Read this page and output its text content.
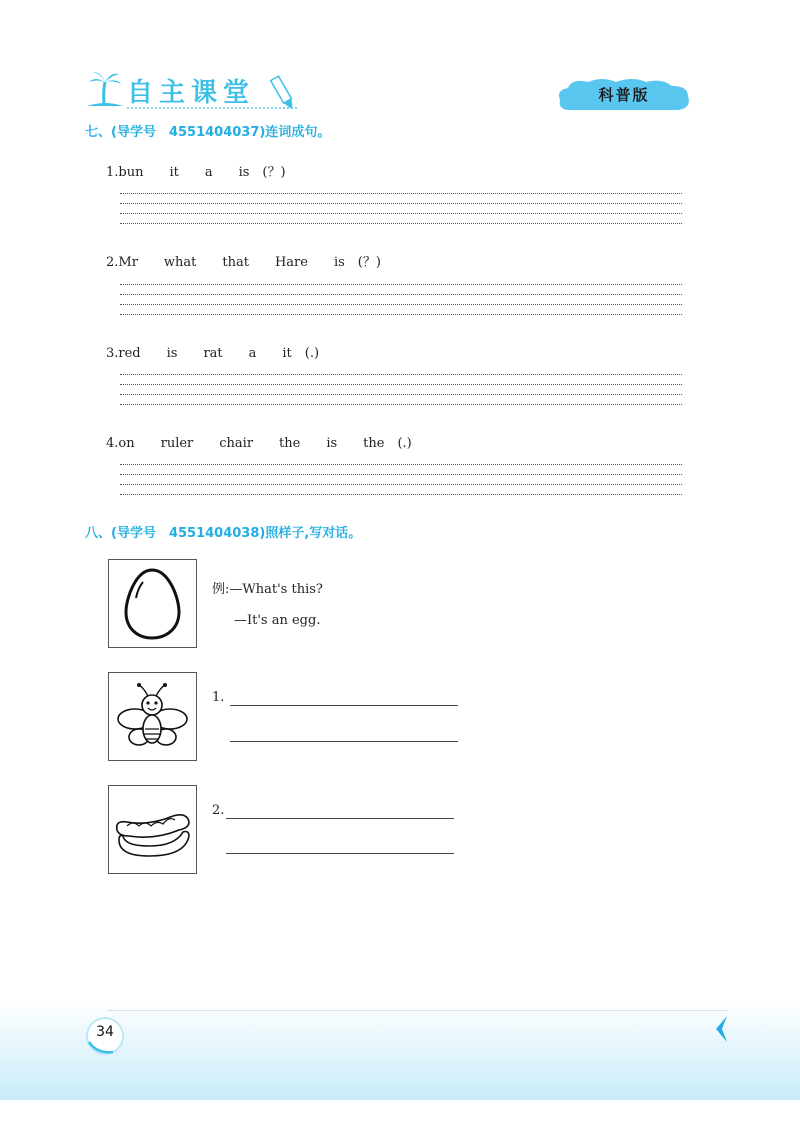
自主课堂	科普版
七、(导学号　4551404037)连词成句。
1.bun　　it　　a　　is　(？)
2.Mr　　what　　that　　Hare　　is　(？)
3.red　　is　　rat　　a　　it　(.)
4.on　　ruler　　chair　　the　　is　　the　(.)
八、(导学号　4551404038)照样子,写对话。
例:—What's this?
—It's an egg.
1.
2.
34
